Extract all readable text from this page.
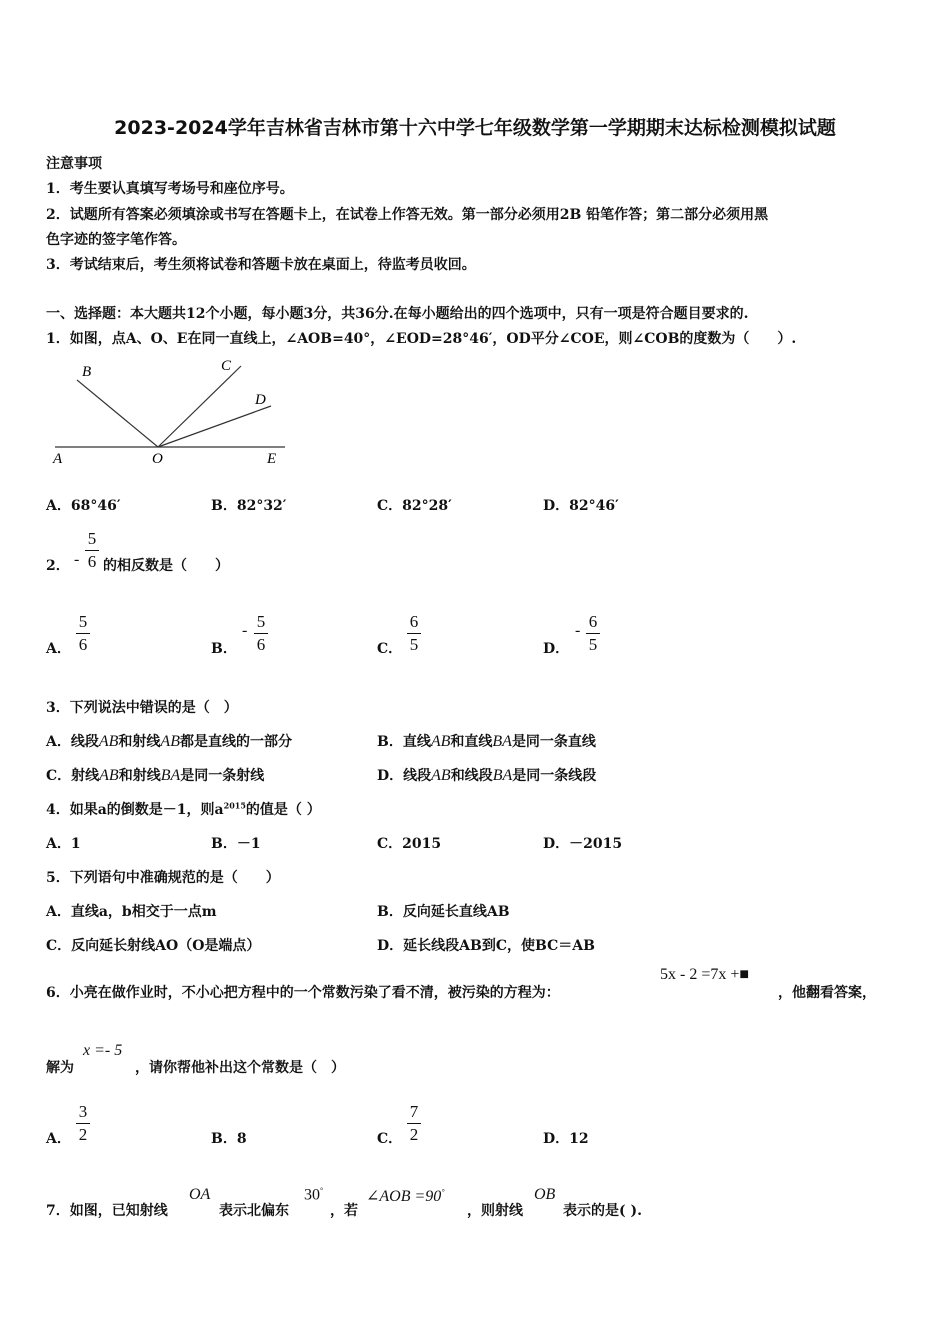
2023-2024学年吉林省吉林市第十六中学七年级数学第一学期期末达标检测模拟试题
注意事项
1．考生要认真填写考场号和座位序号。
2．试题所有答案必须填涂或书写在答题卡上，在试卷上作答无效。第一部分必须用2B 铅笔作答；第二部分必须用黑
色字迹的签字笔作答。
3．考试结束后，考生须将试卷和答题卡放在桌面上，待监考员收回。
一、选择题：本大题共12个小题，每小题3分，共36分.在每小题给出的四个选项中，只有一项是符合题目要求的.
1．如图，点A、O、E在同一直线上，∠AOB=40°，∠EOD=28°46′，OD平分∠COE，则∠COB的度数为（　　）.
B	C
D
A	O	E
A．68°46′	B．82°32′	C．82°28′	D．82°46′
2． -
5
6 的相反数是（　　）
A．
5
6	B．
- 5
6	C．
6
5	D．
- 6
5
3．下列说法中错误的是（　）
A．线段AB和射线AB都是直线的一部分	B．直线AB和直线BA是同一条直线
C．射线AB和射线BA是同一条射线	D．线段AB和线段BA是同一条线段
4．如果a的倒数是－1，则$a^{2015}$的值是（ ）
A．1	B．－1	C．2015	D．－2015
5．下列语句中准确规范的是（　　）
A．直线a，b相交于一点m	B．反向延长直线AB
C．反向延长射线AO（O是端点）	D．延长线段AB到C，使BC＝AB
6．小亮在做作业时，不小心把方程中的一个常数污染了看不清，被污染的方程为：
5x - 2 =7x +■
，他翻看答案，
解为
x =- 5
，请你帮他补出这个常数是（　）
A．
3
2	B．8	C．
7
2	D．12
7．如图，已知射线
OA
表示北偏东
30°
，若
∠AOB =90°
，则射线
OB
表示的是( ).
